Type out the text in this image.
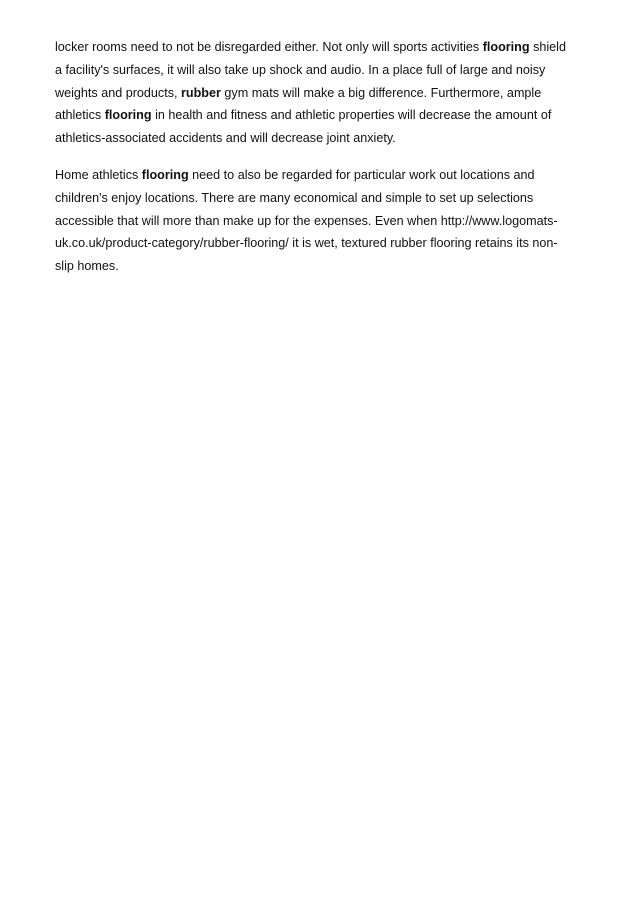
locker rooms need to not be disregarded either. Not only will sports activities flooring shield
a facility's surfaces, it will also take up shock and audio. In a place full of large and noisy
weights and products, rubber gym mats will make a big difference. Furthermore, ample
athletics flooring in health and fitness and athletic properties will decrease the amount of
athletics-associated accidents and will decrease joint anxiety.
Home athletics flooring need to also be regarded for particular work out locations and
children's enjoy locations. There are many economical and simple to set up selections
accessible that will more than make up for the expenses. Even when http://www.logomats-
uk.co.uk/product-category/rubber-flooring/ it is wet, textured rubber flooring retains its non-
slip homes.
